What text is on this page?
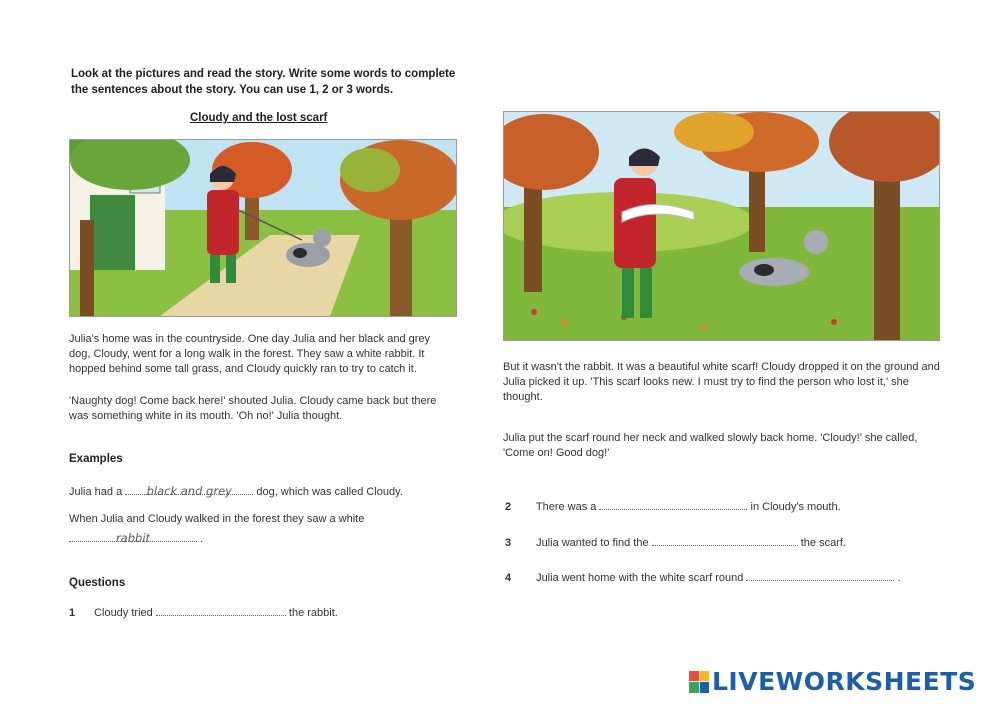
Look at the pictures and read the story. Write some words to complete the sentences about the story. You can use 1, 2 or 3 words.
Cloudy and the lost scarf
Julia's home was in the countryside. One day Julia and her black and grey dog, Cloudy, went for a long walk in the forest. They saw a white rabbit. It hopped behind some tall grass, and Cloudy quickly ran to try to catch it.
'Naughty dog! Come back here!' shouted Julia. Cloudy came back but there was something white in its mouth. 'Oh no!' Julia thought.
But it wasn't the rabbit. It was a beautiful white scarf! Cloudy dropped it on the ground and Julia picked it up. 'This scarf looks new. I must try to find the person who lost it,' she thought.
Julia put the scarf round her neck and walked slowly back home. 'Cloudy!' she called, 'Come on! Good dog!'
Examples
Julia had a black and grey dog, which was called Cloudy.
When Julia and Cloudy walked in the forest they saw a white
rabbit	.
Questions
1 Cloudy tried	the rabbit.
2 There was a	in Cloudy's mouth.
3 Julia wanted to find the	the scarf.
4 Julia went home with the white scarf round	.
LIVEWORKSHEETS
